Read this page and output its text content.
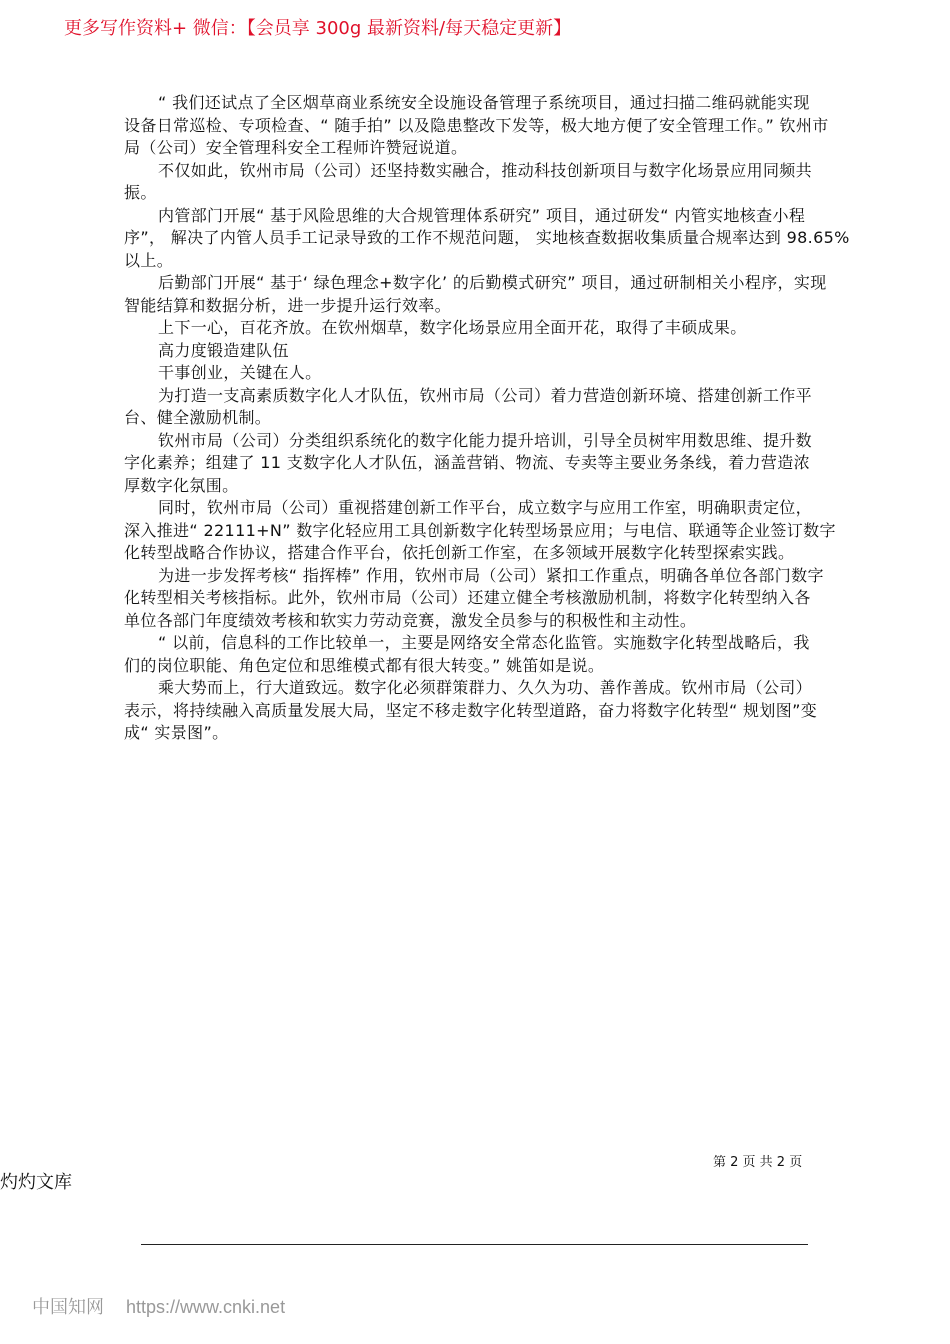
更多写作资料+ 微信：【会员享 300g 最新资料/每天稳定更新】
“ 我们还试点了全区烟草商业系统安全设施设备管理子系统项目，通过扫描二维码就能实现
设备日常巡检、专项检查、“ 随手拍” 以及隐患整改下发等，极大地方便了安全管理工作。” 钦州市
局（公司）安全管理科安全工程师许赞冠说道。
不仅如此，钦州市局（公司）还坚持数实融合，推动科技创新项目与数字化场景应用同频共
振。
内管部门开展“ 基于风险思维的大合规管理体系研究” 项目，通过研发“ 内管实地核查小程
序”， 解决了内管人员手工记录导致的工作不规范问题， 实地核查数据收集质量合规率达到 98.65%
以上。
后勤部门开展“ 基于‘ 绿色理念+数字化’ 的后勤模式研究” 项目，通过研制相关小程序，实现
智能结算和数据分析，进一步提升运行效率。
上下一心，百花齐放。在钦州烟草，数字化场景应用全面开花，取得了丰硕成果。
高力度锻造建队伍
干事创业，关键在人。
为打造一支高素质数字化人才队伍，钦州市局（公司）着力营造创新环境、搭建创新工作平
台、健全激励机制。
钦州市局（公司）分类组织系统化的数字化能力提升培训，引导全员树牢用数思维、提升数
字化素养；组建了 11 支数字化人才队伍，涵盖营销、物流、专卖等主要业务条线，着力营造浓
厚数字化氛围。
同时，钦州市局（公司）重视搭建创新工作平台，成立数字与应用工作室，明确职责定位，
深入推进“ 22111+N” 数字化轻应用工具创新数字化转型场景应用；与电信、联通等企业签订数字
化转型战略合作协议，搭建合作平台，依托创新工作室，在多领域开展数字化转型探索实践。
为进一步发挥考核“ 指挥棒” 作用，钦州市局（公司）紧扣工作重点，明确各单位各部门数字
化转型相关考核指标。此外，钦州市局（公司）还建立健全考核激励机制，将数字化转型纳入各
单位各部门年度绩效考核和软实力劳动竞赛，激发全员参与的积极性和主动性。
“ 以前，信息科的工作比较单一，主要是网络安全常态化监管。实施数字化转型战略后，我
们的岗位职能、角色定位和思维模式都有很大转变。” 姚笛如是说。
乘大势而上，行大道致远。数字化必须群策群力、久久为功、善作善成。钦州市局（公司）
表示，将持续融入高质量发展大局，坚定不移走数字化转型道路，奋力将数字化转型“ 规划图”变
成“ 实景图”。
第 2 页 共 2 页
灼灼文库
中国知网 https://www.cnki.net
